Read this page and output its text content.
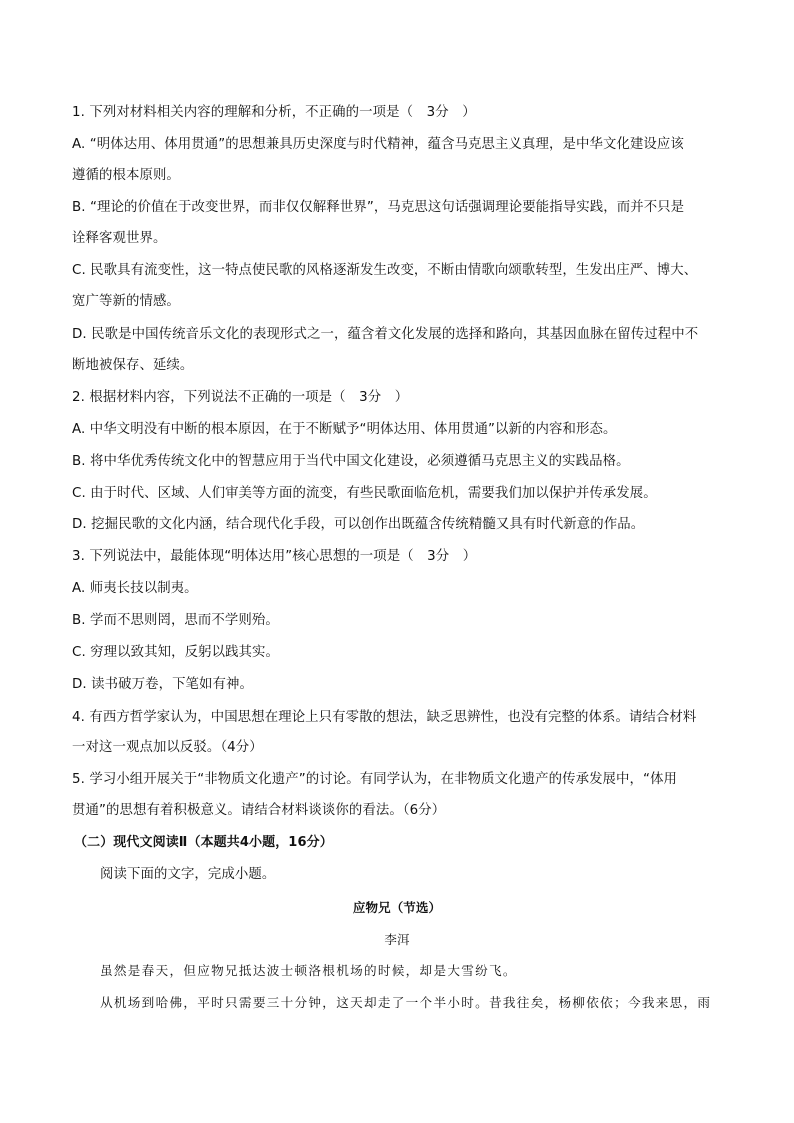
1. 下列对材料相关内容的理解和分析，不正确的一项是（　3分　）
A. “明体达用、体用贯通”的思想兼具历史深度与时代精神，蕴含马克思主义真理，是中华文化建设应该
遵循的根本原则。
B. “理论的价值在于改变世界，而非仅仅解释世界”，马克思这句话强调理论要能指导实践，而并不只是
诠释客观世界。
C. 民歌具有流变性，这一特点使民歌的风格逐渐发生改变，不断由情歌向颂歌转型，生发出庄严、博大、
宽广等新的情感。
D. 民歌是中国传统音乐文化的表现形式之一，蕴含着文化发展的选择和路向，其基因血脉在留传过程中不
断地被保存、延续。
2. 根据材料内容，下列说法不正确的一项是（　3分　）
A. 中华文明没有中断的根本原因，在于不断赋予“明体达用、体用贯通”以新的内容和形态。
B. 将中华优秀传统文化中的智慧应用于当代中国文化建设，必须遵循马克思主义的实践品格。
C. 由于时代、区域、人们审美等方面的流变，有些民歌面临危机，需要我们加以保护并传承发展。
D. 挖掘民歌的文化内涵，结合现代化手段，可以创作出既蕴含传统精髓又具有时代新意的作品。
3. 下列说法中，最能体现“明体达用”核心思想的一项是（　3分　）
A. 师夷长技以制夷。
B. 学而不思则罔，思而不学则殆。
C. 穷理以致其知，反躬以践其实。
D. 读书破万卷，下笔如有神。
4. 有西方哲学家认为，中国思想在理论上只有零散的想法，缺乏思辨性，也没有完整的体系。请结合材料
一对这一观点加以反驳。（4分）
5. 学习小组开展关于“非物质文化遗产”的讨论。有同学认为，在非物质文化遗产的传承发展中，“体用
贯通”的思想有着积极意义。请结合材料谈谈你的看法。（6分）
（二）现代文阅读Ⅱ（本题共4小题，16分）
阅读下面的文字，完成小题。
应物兄（节选）
李洱
虽然是春天，但应物兄抵达波士顿洛根机场的时候，却是大雪纷飞。
从机场到哈佛，平时只需要三十分钟，这天却走了一个半小时。昔我往矣，杨柳依依；今我来思，雨
